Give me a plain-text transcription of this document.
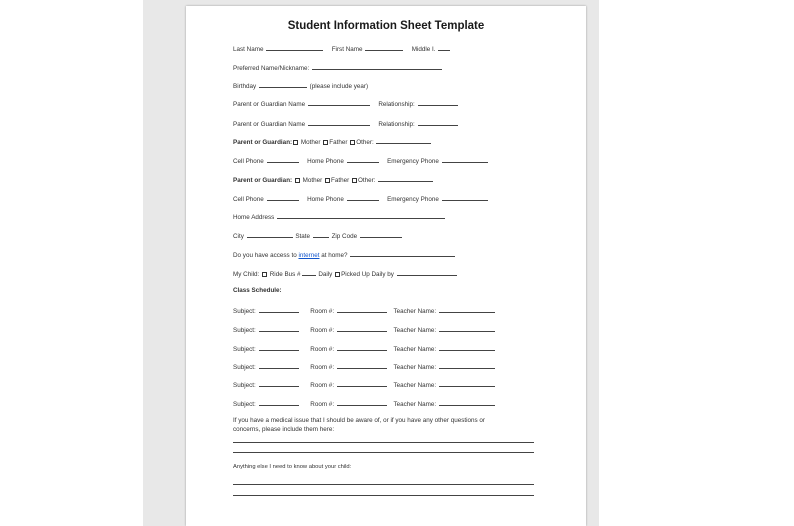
Student Information Sheet Template
Last Name	First Name	Middle I.
Preferred Name/Nickname:
Birthday	(please include year)
Parent or Guardian Name	Relationship:
Parent or Guardian Name	Relationship:
Parent or Guardian: Mother Father Other:
Cell Phone	Home Phone	Emergency Phone
Parent or Guardian: Mother Father Other:
Cell Phone	Home Phone	Emergency Phone
Home Address
City	State	Zip Code
Do you have access to internet at home?
My Child: Ride Bus #	Daily Picked Up Daily by
Class Schedule:
Subject:	Room #:	Teacher Name:
Subject:	Room #:	Teacher Name:
Subject:	Room #:	Teacher Name:
Subject:	Room #:	Teacher Name:
Subject:	Room #:	Teacher Name:
Subject:	Room #:	Teacher Name:
If you have a medical issue that I should be aware of, or if you have any other questions or
concerns, please include them here:
Anything else I need to know about your child:
